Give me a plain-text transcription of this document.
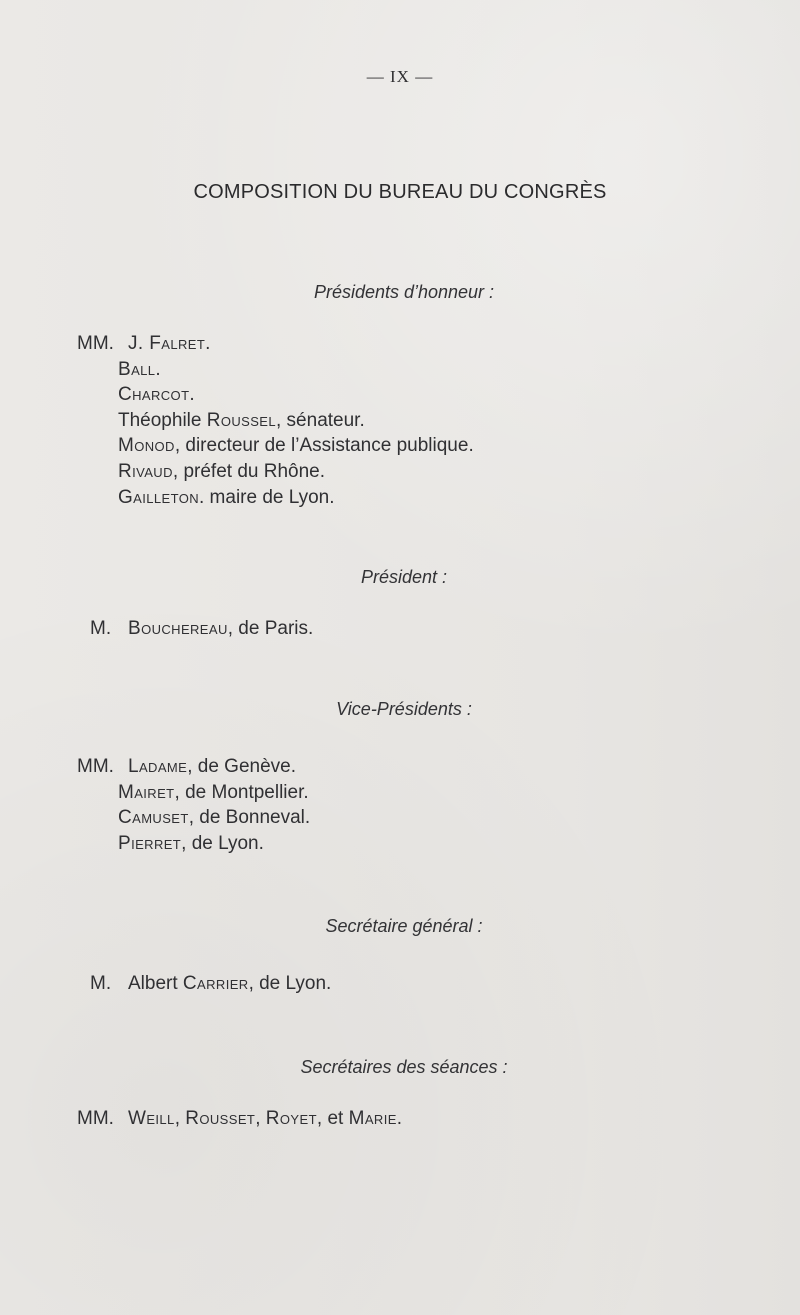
— IX —
COMPOSITION DU BUREAU DU CONGRÈS
Présidents d’honneur :
MM. J. Falret.
Ball.
Charcot.
Théophile Roussel, sénateur.
Monod, directeur de l’Assistance publique.
Rivaud, préfet du Rhône.
Gailleton. maire de Lyon.
Président :
M. Bouchereau, de Paris.
Vice-Présidents :
MM. Ladame, de Genève.
Mairet, de Montpellier.
Camuset, de Bonneval.
Pierret, de Lyon.
Secrétaire général :
M. Albert Carrier, de Lyon.
Secrétaires des séances :
MM. Weill, Rousset, Royet, et Marie.
